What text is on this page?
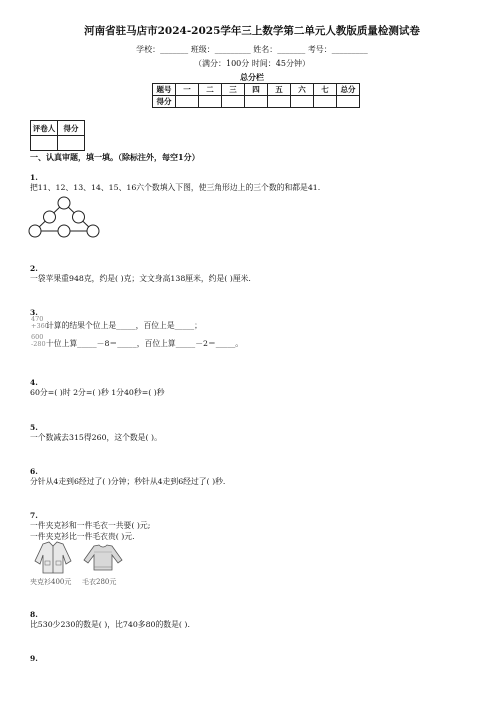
河南省驻马店市2024-2025学年三上数学第二单元人教版质量检测试卷
学校：_______ 班级：_________ 姓名：_______ 考号：_________
（满分：100分 时间：45分钟）
总分栏
题号	一	二	三	四	五	六	七	总分
得分								
评卷人	得分

一、认真审题，填一填。（除标注外，每空1分）
1.
把11、12、13、14、15、16六个数填入下图，使三角形边上的三个数的和都是41.
2.
一袋苹果重948克，约是( )克；文文身高138厘米，约是( )厘米.
3.
470
+360
计算的结果个位上是_____，百位上是_____；
600
-280 十位上算_____－8＝_____，百位上算_____－2＝_____。
4.
60分=( )时 2分=( )秒 1分40秒=( )秒
5.
一个数减去315得260，这个数是( )。
6.
分针从4走到6经过了( )分钟；秒针从4走到6经过了( )秒.
7.
一件夹克衫和一件毛衣一共要( )元;
一件夹克衫比一件毛衣贵( )元.
夹克衫400元 毛衣280元
8.
比530少230的数是( )，比740多80的数是( ).
9.
